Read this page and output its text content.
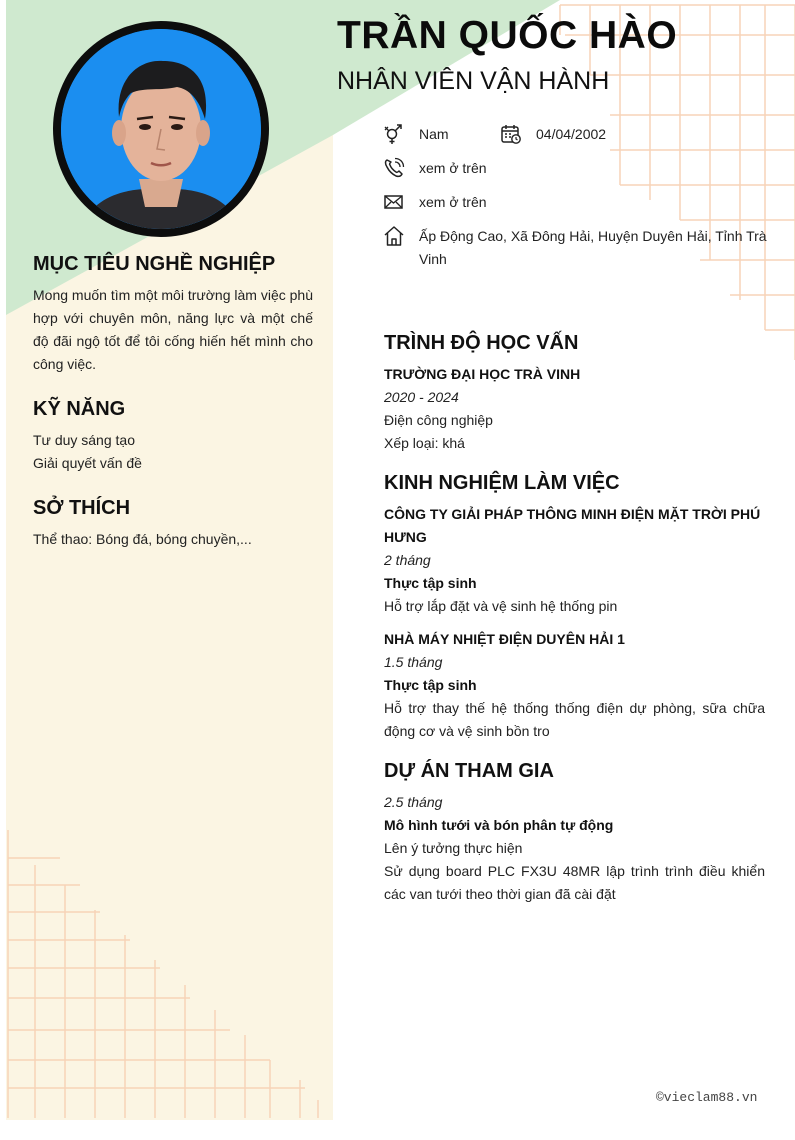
TRẦN QUỐC HÀO
NHÂN VIÊN VẬN HÀNH
Nam	04/04/2002
xem ở trên
xem ở trên
Ấp Động Cao, Xã Đông Hải, Huyện Duyên Hải, Tỉnh Trà Vinh
MỤC TIÊU NGHỀ NGHIỆP
Mong muốn tìm một môi trường làm việc phù hợp với chuyên môn, năng lực và một chế độ đãi ngộ tốt để tôi cống hiến hết mình cho công việc.
KỸ NĂNG
Tư duy sáng tạo
Giải quyết vấn đề
SỞ THÍCH
Thể thao: Bóng đá, bóng chuyền,...
TRÌNH ĐỘ HỌC VẤN
TRƯỜNG ĐẠI HỌC TRÀ VINH
2020 - 2024
Điện công nghiệp
Xếp loại: khá
KINH NGHIỆM LÀM VIỆC
CÔNG TY GIẢI PHÁP THÔNG MINH ĐIỆN MẶT TRỜI PHÚ HƯNG
2 tháng
Thực tập sinh
Hỗ trợ lắp đặt và vệ sinh hệ thống pin
NHÀ MÁY NHIỆT ĐIỆN DUYÊN HẢI 1
1.5 tháng
Thực tập sinh
Hỗ trợ thay thế hệ thống thống điện dự phòng, sữa chữa động cơ và vệ sinh bồn tro
DỰ ÁN THAM GIA
2.5 tháng
Mô hình tưới và bón phân tự động
Lên ý tưởng thực hiện
Sử dụng board PLC FX3U 48MR lập trình trình điều khiển các van tưới theo thời gian đã cài đặt
©vieclam88.vn
